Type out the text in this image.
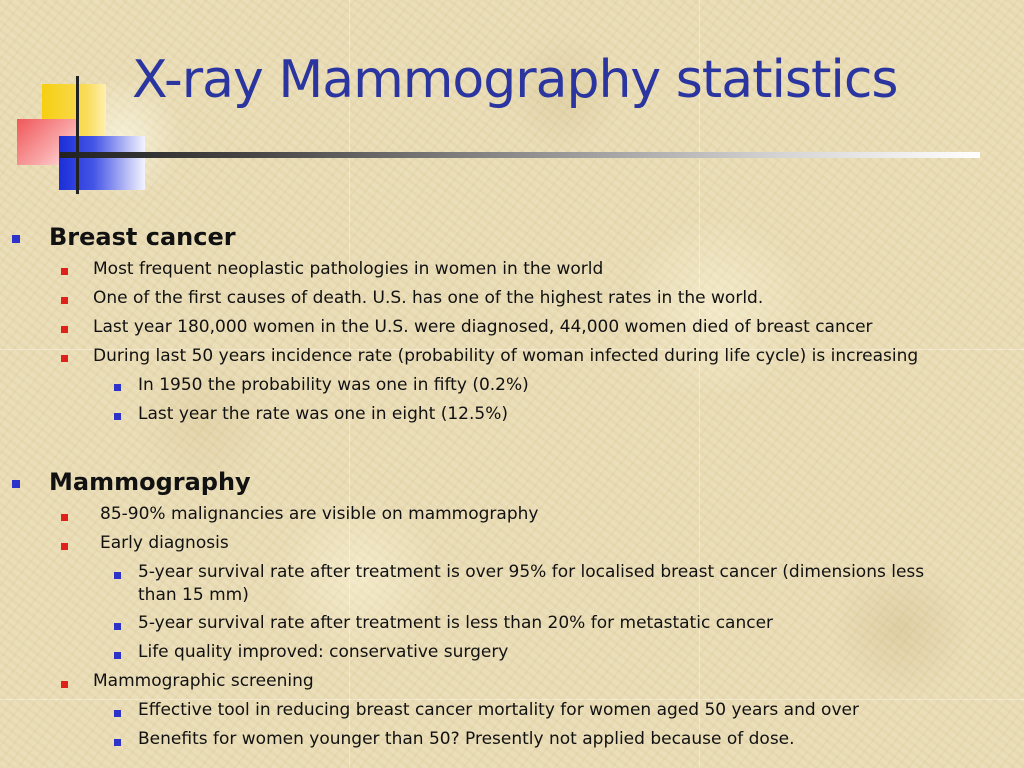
X-ray Mammography statistics
Breast cancer
Most frequent neoplastic pathologies in women in the world
One of the first causes of death. U.S. has one of the highest rates in the world.
Last year 180,000 women in the U.S. were diagnosed, 44,000 women died of breast cancer
During last 50 years incidence rate (probability of woman infected during life cycle) is increasing
In 1950 the probability was one in fifty (0.2%)
Last year the rate was one in eight (12.5%)
Mammography
85-90% malignancies are visible on mammography
Early diagnosis
5-year survival rate after treatment is over 95% for localised breast cancer (dimensions less than 15 mm)
5-year survival rate after treatment is less than 20% for metastatic cancer
Life quality improved: conservative surgery
Mammographic screening
Effective tool in reducing breast cancer mortality for women aged 50 years and over
Benefits for women younger than 50? Presently not applied because of dose.
